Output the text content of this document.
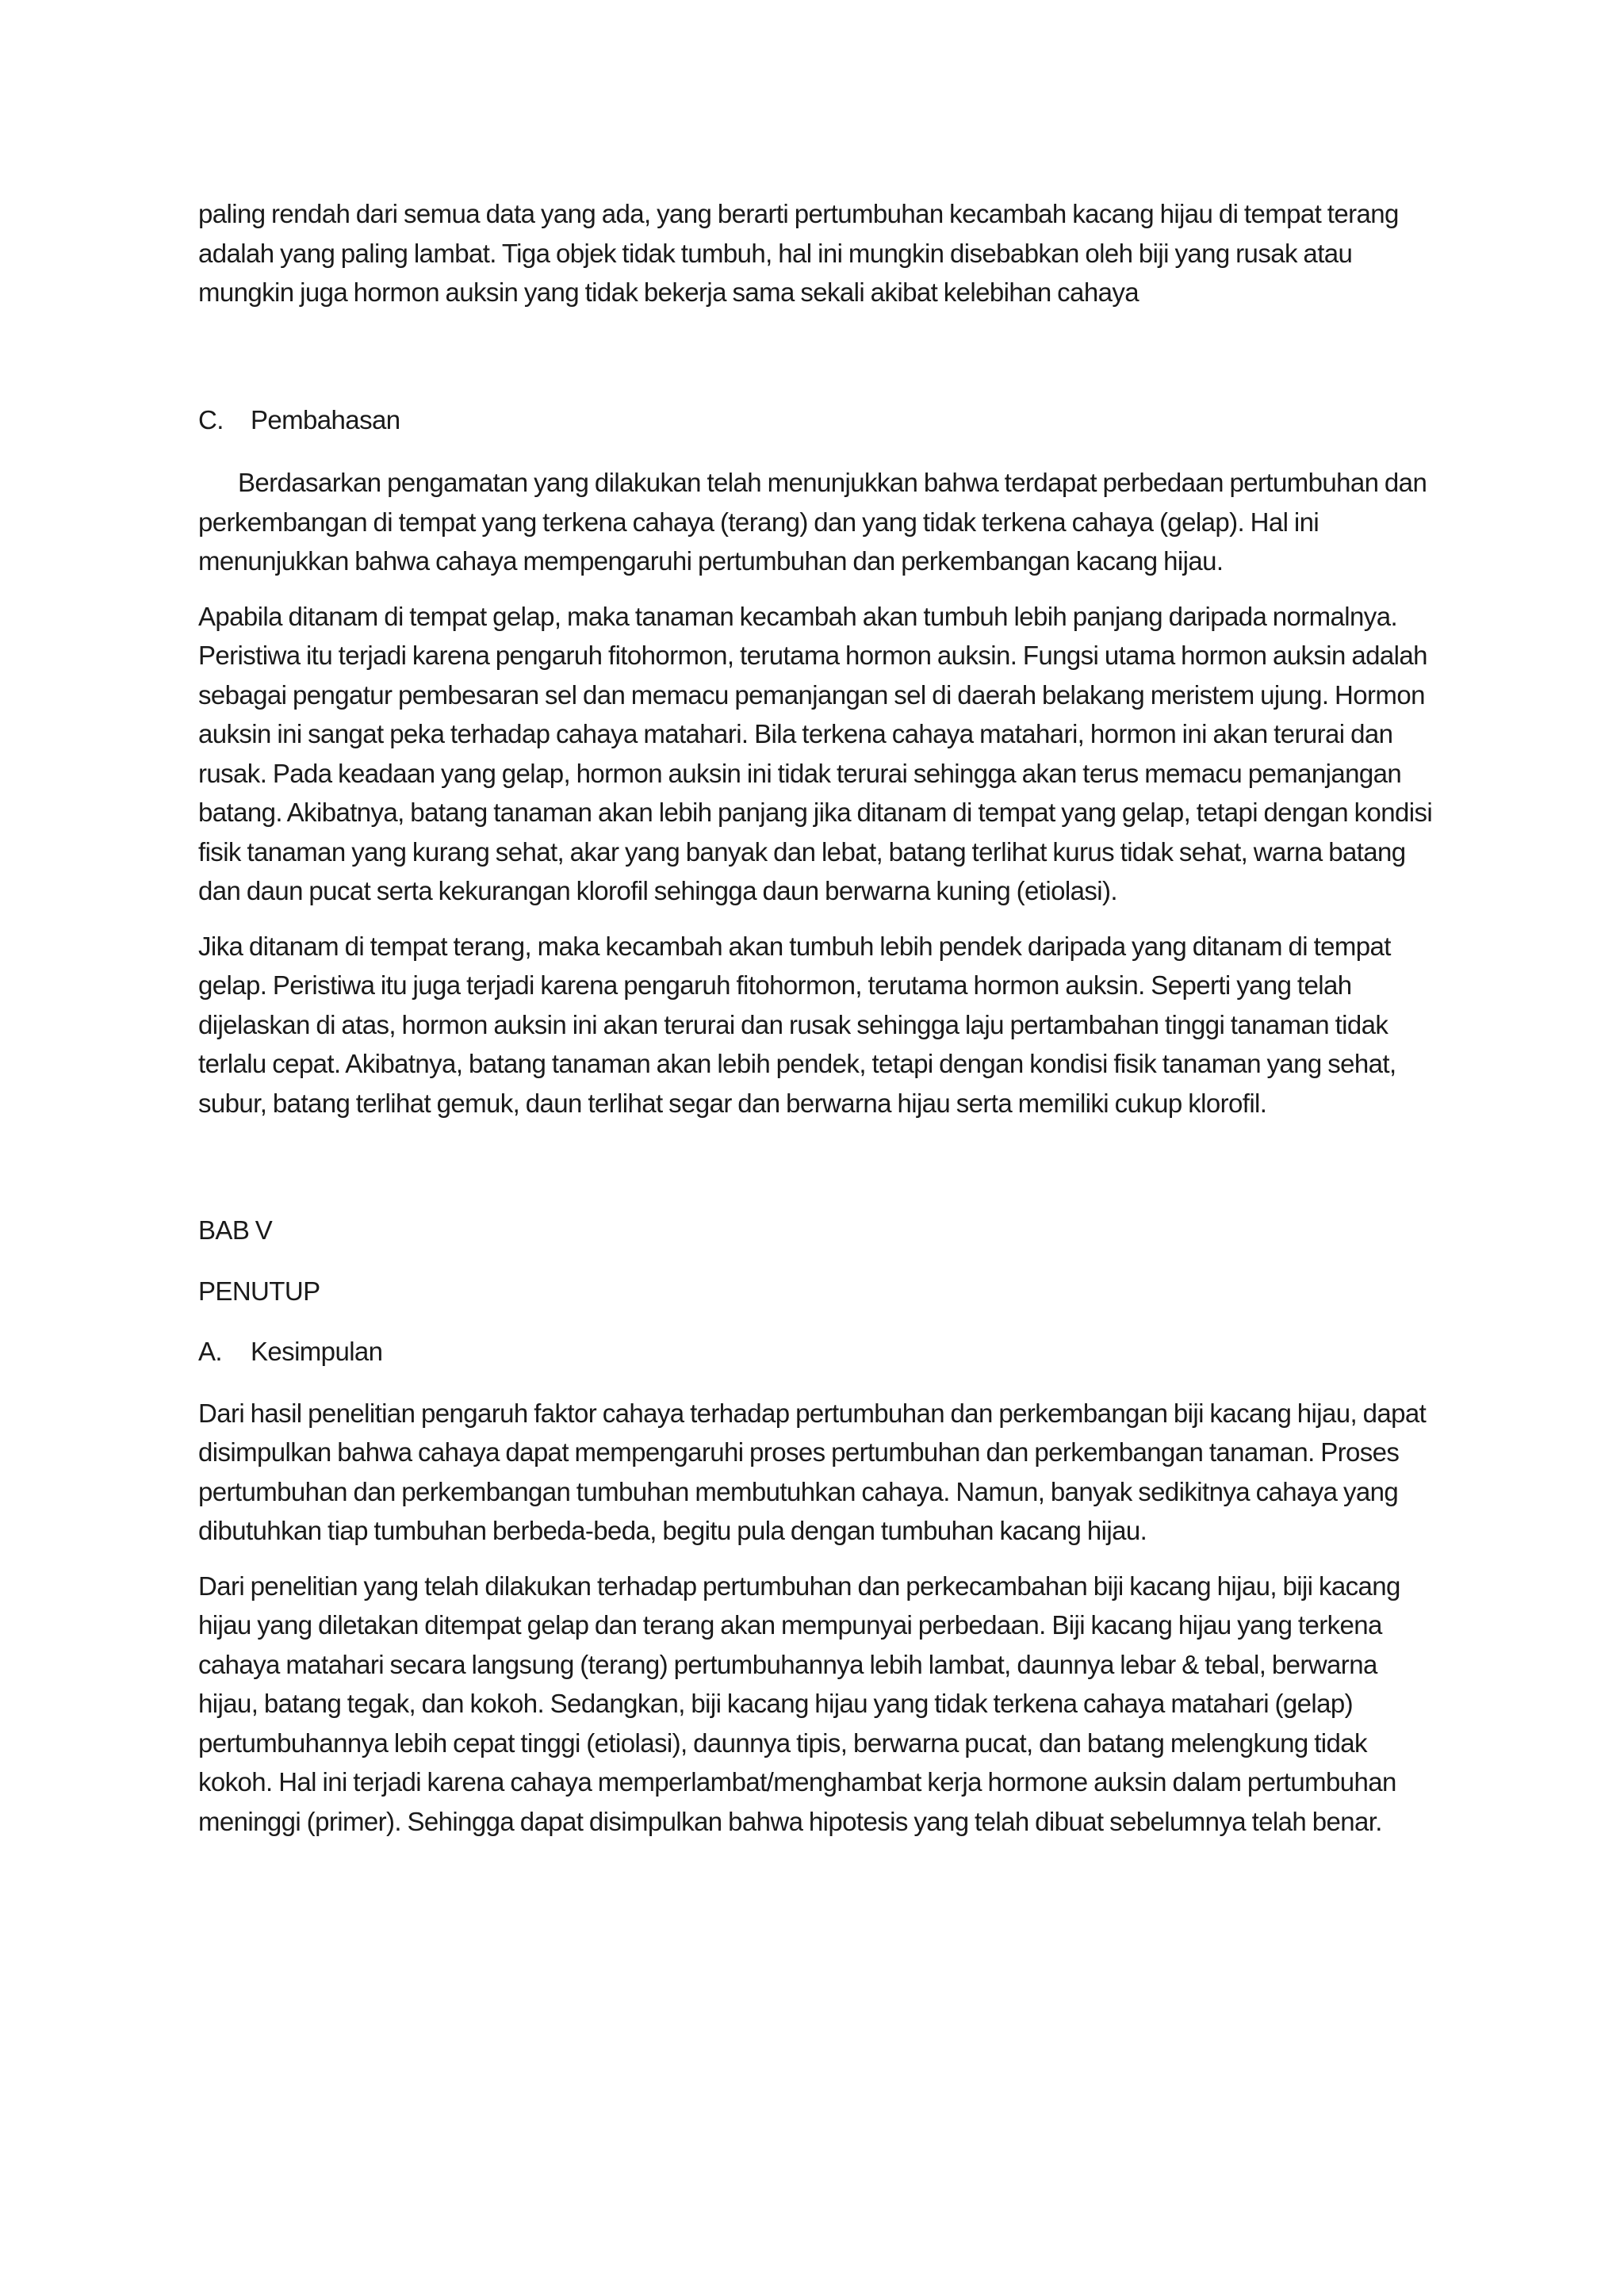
paling rendah dari semua data yang ada, yang berarti pertumbuhan kecambah kacang hijau di tempat terang adalah yang paling lambat. Tiga objek tidak tumbuh, hal ini mungkin disebabkan oleh biji yang rusak atau mungkin juga hormon auksin yang tidak bekerja sama sekali akibat kelebihan cahaya

C.	Pembahasan

Berdasarkan pengamatan yang dilakukan telah menunjukkan bahwa terdapat perbedaan pertumbuhan dan perkembangan di tempat yang terkena cahaya (terang) dan yang tidak terkena cahaya (gelap). Hal ini menunjukkan bahwa cahaya mempengaruhi pertumbuhan dan perkembangan kacang hijau.

Apabila ditanam di tempat gelap, maka tanaman kecambah akan tumbuh lebih panjang daripada normalnya. Peristiwa itu terjadi karena pengaruh fitohormon, terutama hormon auksin. Fungsi utama hormon auksin adalah sebagai pengatur pembesaran sel dan memacu pemanjangan sel di daerah belakang meristem ujung. Hormon auksin ini sangat peka terhadap cahaya matahari. Bila terkena cahaya matahari, hormon ini akan terurai dan rusak. Pada keadaan yang gelap, hormon auksin ini tidak terurai sehingga akan terus memacu pemanjangan batang. Akibatnya, batang tanaman akan lebih panjang jika ditanam di tempat yang gelap, tetapi dengan kondisi fisik tanaman yang kurang sehat, akar yang banyak dan lebat, batang terlihat kurus tidak sehat, warna batang dan daun pucat serta kekurangan klorofil sehingga daun berwarna kuning (etiolasi).

Jika ditanam di tempat terang, maka kecambah akan tumbuh lebih pendek daripada yang ditanam di tempat gelap. Peristiwa itu juga terjadi karena pengaruh fitohormon, terutama hormon auksin. Seperti yang telah dijelaskan di atas, hormon auksin ini akan terurai dan rusak sehingga laju pertambahan tinggi tanaman tidak terlalu cepat. Akibatnya, batang tanaman akan lebih pendek, tetapi dengan kondisi fisik tanaman yang sehat, subur, batang terlihat gemuk, daun terlihat segar dan berwarna hijau serta memiliki cukup klorofil.

BAB V

PENUTUP

A.	Kesimpulan

Dari hasil penelitian pengaruh faktor cahaya terhadap pertumbuhan dan perkembangan biji kacang hijau, dapat disimpulkan bahwa cahaya dapat mempengaruhi proses pertumbuhan dan perkembangan tanaman. Proses pertumbuhan dan perkembangan tumbuhan membutuhkan cahaya. Namun, banyak sedikitnya cahaya yang dibutuhkan tiap tumbuhan berbeda-beda, begitu pula dengan tumbuhan kacang hijau.

Dari penelitian yang telah dilakukan terhadap pertumbuhan dan perkecambahan biji kacang hijau, biji kacang hijau yang diletakan ditempat gelap dan terang akan mempunyai perbedaan. Biji kacang hijau yang terkena cahaya matahari secara langsung (terang) pertumbuhannya lebih lambat, daunnya lebar & tebal, berwarna hijau, batang tegak, dan kokoh. Sedangkan, biji kacang hijau yang tidak terkena cahaya matahari (gelap) pertumbuhannya lebih cepat tinggi (etiolasi), daunnya tipis, berwarna pucat, dan batang melengkung tidak kokoh. Hal ini terjadi karena cahaya memperlambat/menghambat kerja hormone auksin dalam pertumbuhan meninggi (primer). Sehingga dapat disimpulkan bahwa hipotesis yang telah dibuat sebelumnya telah benar.
